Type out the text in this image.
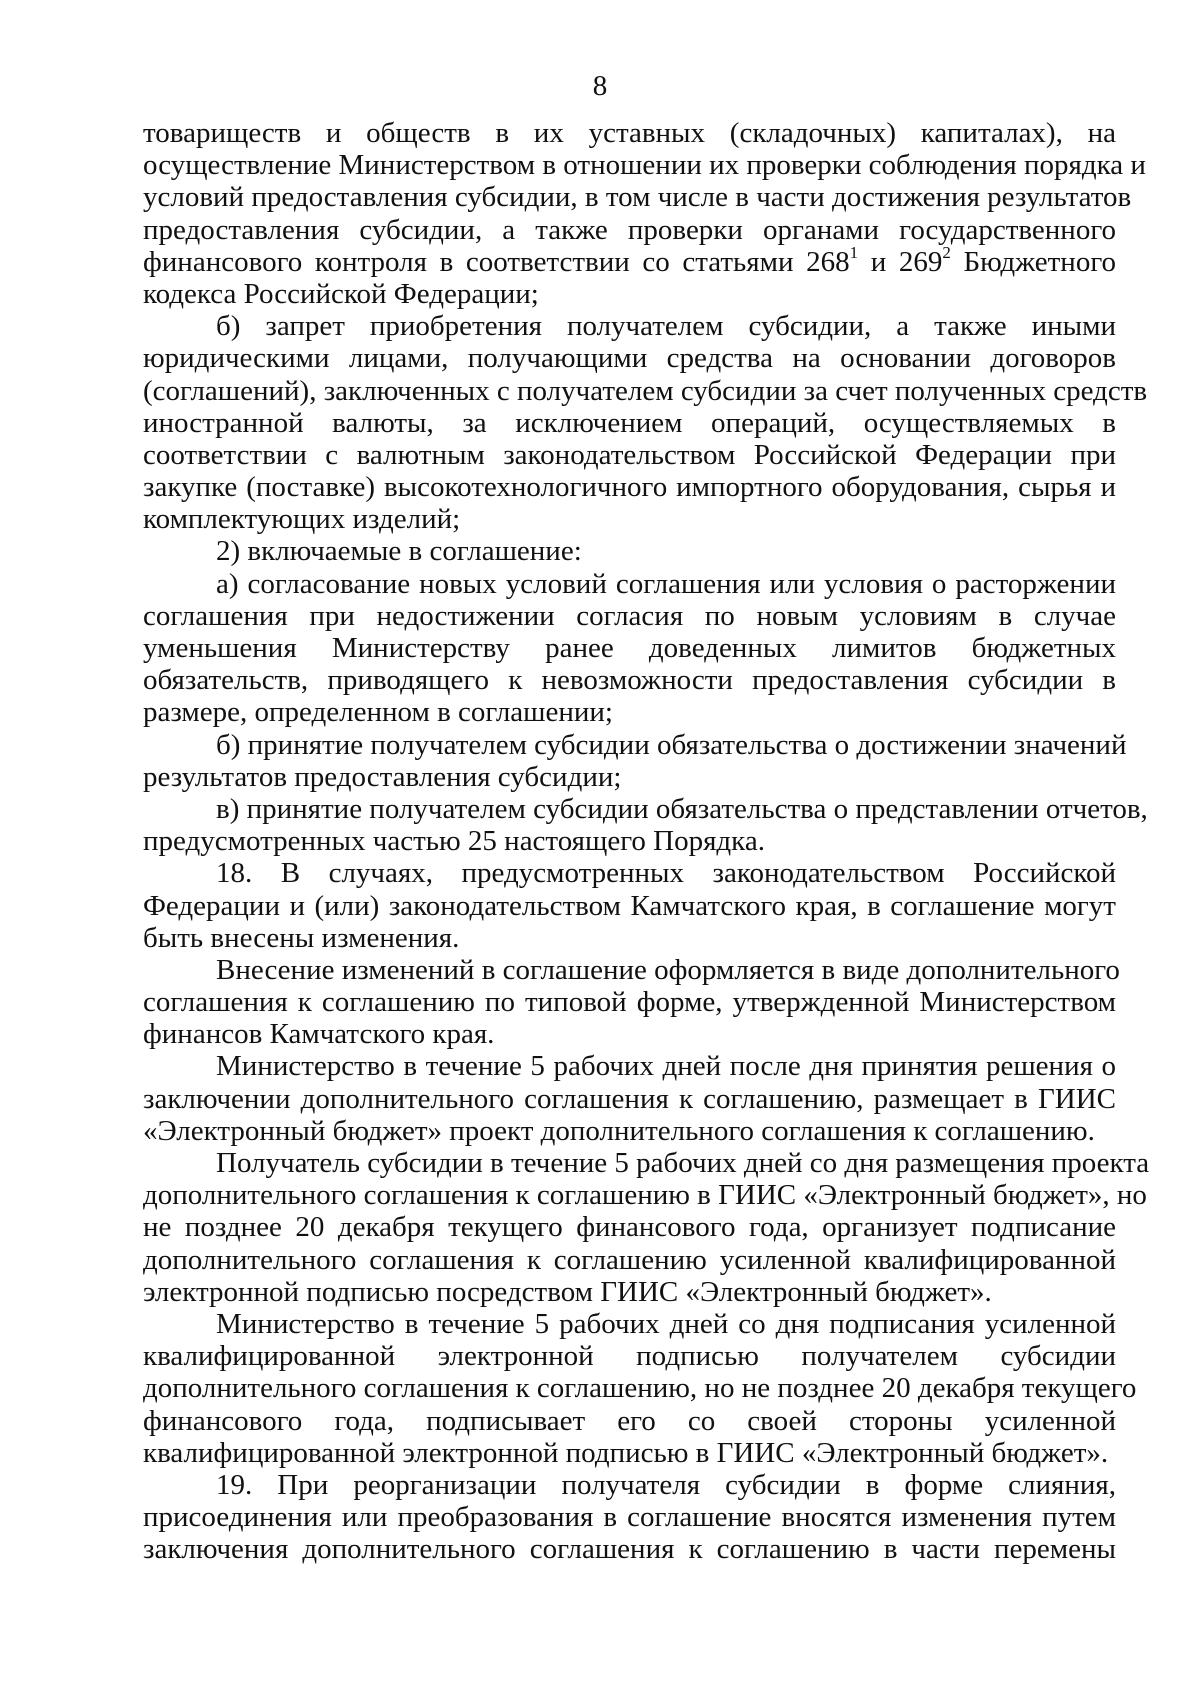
8
товариществ и обществ в их уставных (складочных) капиталах), на
осуществление Министерством в отношении их проверки соблюдения порядка и
условий предоставления субсидии, в том числе в части достижения результатов
предоставления субсидии, а также проверки органами государственного
финансового контроля в соответствии со статьями $268^1$ и $269^2$ Бюджетного
кодекса Российской Федерации;
б) запрет приобретения получателем субсидии, а также иными
юридическими лицами, получающими средства на основании договоров
(соглашений), заключенных с получателем субсидии за счет полученных средств
иностранной валюты, за исключением операций, осуществляемых в
соответствии с валютным законодательством Российской Федерации при
закупке (поставке) высокотехнологичного импортного оборудования, сырья и
комплектующих изделий;
2) включаемые в соглашение:
а) согласование новых условий соглашения или условия о расторжении
соглашения при недостижении согласия по новым условиям в случае
уменьшения Министерству ранее доведенных лимитов бюджетных
обязательств, приводящего к невозможности предоставления субсидии в
размере, определенном в соглашении;
б) принятие получателем субсидии обязательства о достижении значений
результатов предоставления субсидии;
в) принятие получателем субсидии обязательства о представлении отчетов,
предусмотренных частью 25 настоящего Порядка.
18. В случаях, предусмотренных законодательством Российской
Федерации и (или) законодательством Камчатского края, в соглашение могут
быть внесены изменения.
Внесение изменений в соглашение оформляется в виде дополнительного
соглашения к соглашению по типовой форме, утвержденной Министерством
финансов Камчатского края.
Министерство в течение 5 рабочих дней после дня принятия решения о
заключении дополнительного соглашения к соглашению, размещает в ГИИС
«Электронный бюджет» проект дополнительного соглашения к соглашению.
Получатель субсидии в течение 5 рабочих дней со дня размещения проекта
дополнительного соглашения к соглашению в ГИИС «Электронный бюджет», но
не позднее 20 декабря текущего финансового года, организует подписание
дополнительного соглашения к соглашению усиленной квалифицированной
электронной подписью посредством ГИИС «Электронный бюджет».
Министерство в течение 5 рабочих дней со дня подписания усиленной
квалифицированной электронной подписью получателем субсидии
дополнительного соглашения к соглашению, но не позднее 20 декабря текущего
финансового года, подписывает его со своей стороны усиленной
квалифицированной электронной подписью в ГИИС «Электронный бюджет».
19. При реорганизации получателя субсидии в форме слияния,
присоединения или преобразования в соглашение вносятся изменения путем
заключения дополнительного соглашения к соглашению в части перемены
